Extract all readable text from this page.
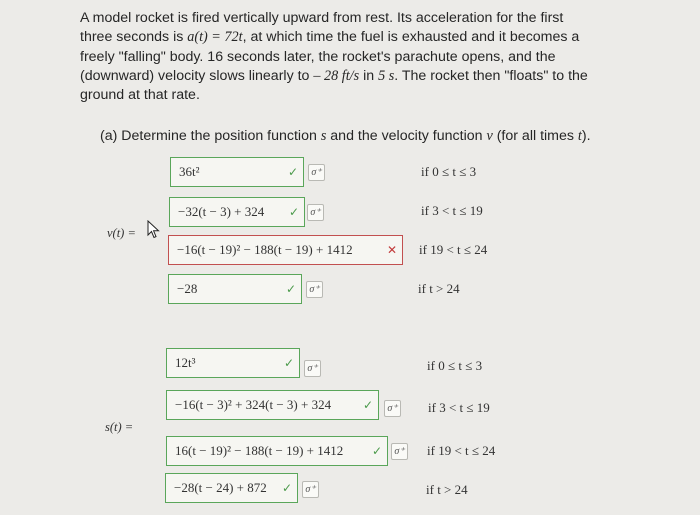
A model rocket is fired vertically upward from rest. Its acceleration for the first
three seconds is a(t) = 72t, at which time the fuel is exhausted and it becomes a
freely "falling" body. 16 seconds later, the rocket's parachute opens, and the
(downward) velocity slows linearly to – 28 ft/s in 5 s. The rocket then "floats" to the
ground at that rate.
(a) Determine the position function s and the velocity function v (for all times t).
v(t) =
36t²	✓	σ⁺	if 0 ≤ t ≤ 3
−32(t − 3) + 324 ✓	σ⁺	if 3 < t ≤ 19
−16(t − 19)² − 188(t − 19) + 1412	✕ if 19 < t ≤ 24
−28	✓	σ⁺	if t > 24
s(t) =
12t³	✓	σ⁺	if 0 ≤ t ≤ 3
−16(t − 3)² + 324(t − 3) + 324	✓	σ⁺ if 3 < t ≤ 19
16(t − 19)² − 188(t − 19) + 1412 ✓	σ⁺ if 19 < t ≤ 24
−28(t − 24) + 872 ✓	σ⁺	if t > 24
